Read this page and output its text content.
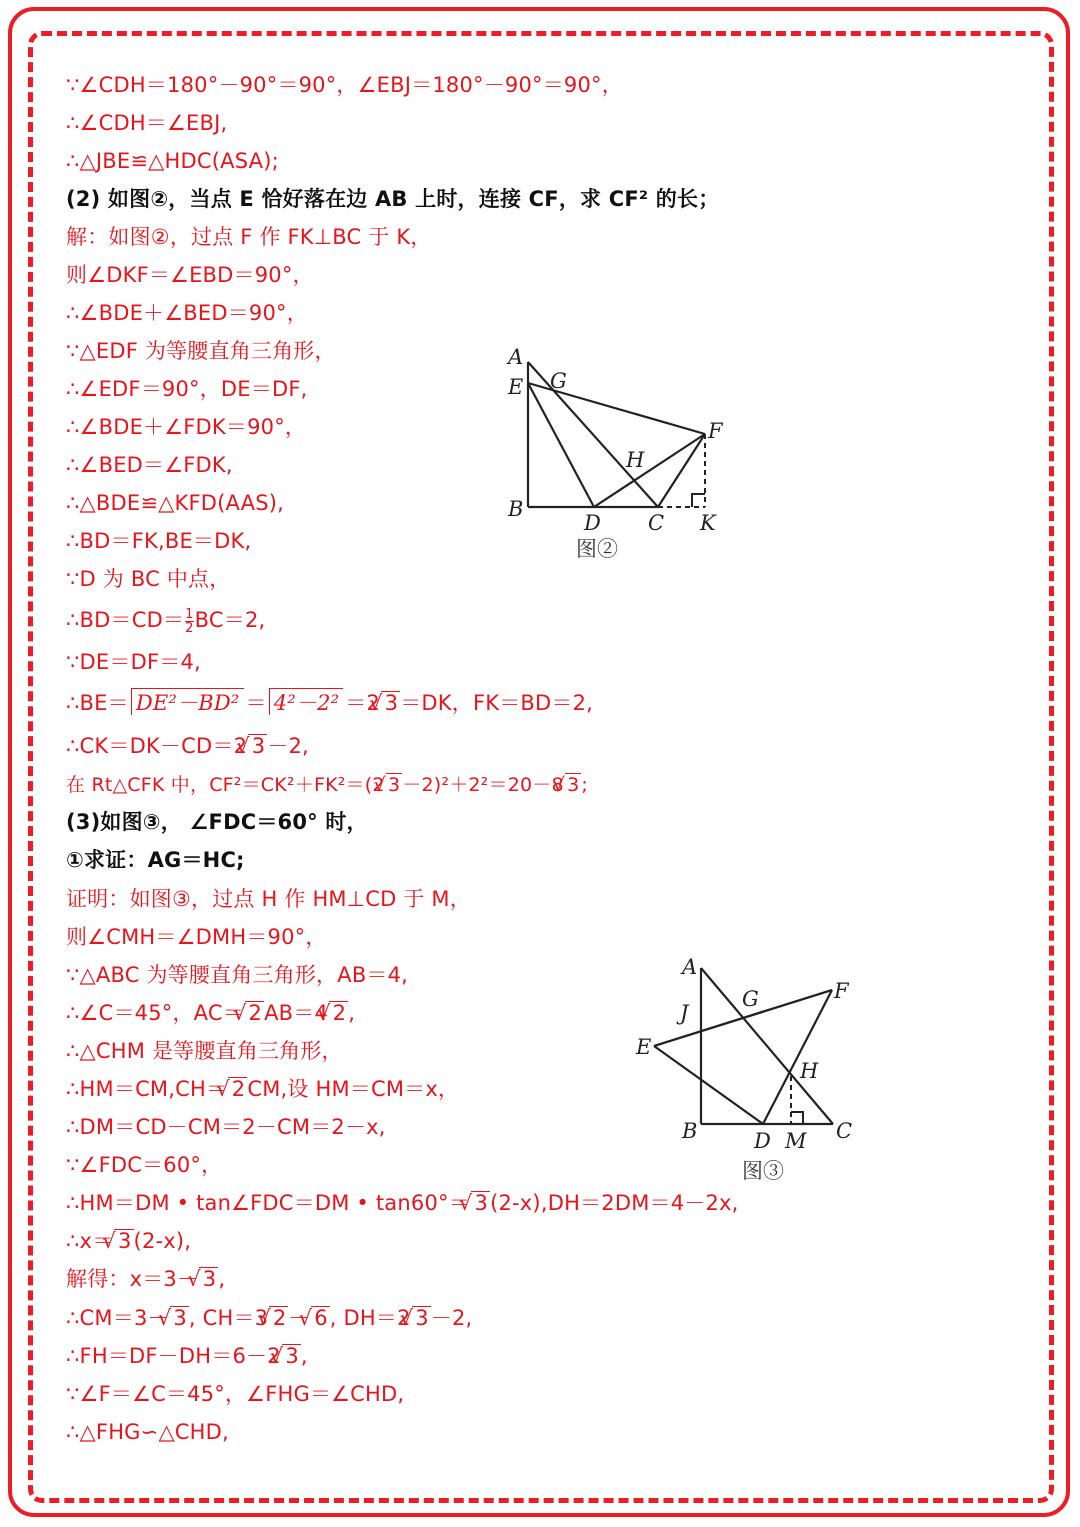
∵∠CDH＝180°－90°＝90°，∠EBJ＝180°－90°＝90°，
∴∠CDH＝∠EBJ,
∴△JBE≌△HDC(ASA);
(2) 如图②，当点 E 恰好落在边 AB 上时，连接 CF，求 CF² 的长；
解：如图②，过点 F 作 FK⊥BC 于 K，
则∠DKF＝∠EBD＝90°，
∴∠BDE＋∠BED＝90°，
∵△EDF 为等腰直角三角形，
∴∠EDF＝90°，DE＝DF,
∴∠BDE＋∠FDK＝90°，
∴∠BED＝∠FDK,
∴△BDE≌△KFD(AAS),
∴BD＝FK,BE＝DK,
∵D 为 BC 中点，
∴BD＝CD＝ $\frac{1}{2} BC=2$,
∵DE＝DF＝4,
∴BE＝ DE²－BD² ＝ 4²－2² ＝2 √ 3＝DK，FK＝BD＝2,
∴CK＝DK－CD＝2 √ 3－2,
在 Rt△CFK 中，CF²＝CK²＋FK²＝(2 √ 3 －2)²＋2²＝20－8 √ 3 ;
(3)如图③， ∠FDC＝60° 时，
①求证：AG＝HC;
证明：如图③，过点 H 作 HM⊥CD 于 M，
则∠CMH＝∠DMH＝90°，
∵△ABC 为等腰直角三角形，AB＝4,
∴∠C＝45°，AC＝ √ 2AB＝4 √ 2,
∴△CHM 是等腰直角三角形，
∴HM＝CM,CH＝ √ 2CM,设 HM＝CM＝x，
∴DM＝CD－CM＝2－CM＝2－x,
∵∠FDC＝60°，
∴HM＝DM • tan∠FDC＝DM • tan60°＝ √ 3(2-x),DH＝2DM＝4－2x,
∴x＝ √ 3(2-x),
解得：x＝3－ √ 3,
∴CM＝3－ √ 3, CH＝3 √ 2－ √ 6, DH＝2 √ 3－2,
∴FH＝DF－DH＝6－2 √ 3,
∵∠F＝∠C＝45°，∠FHG＝∠CHD,
∴△FHG∽△CHD,
A
E G
F
H
B
D C K
图②
A
J
G	F
E
H
B	D M C
图③
